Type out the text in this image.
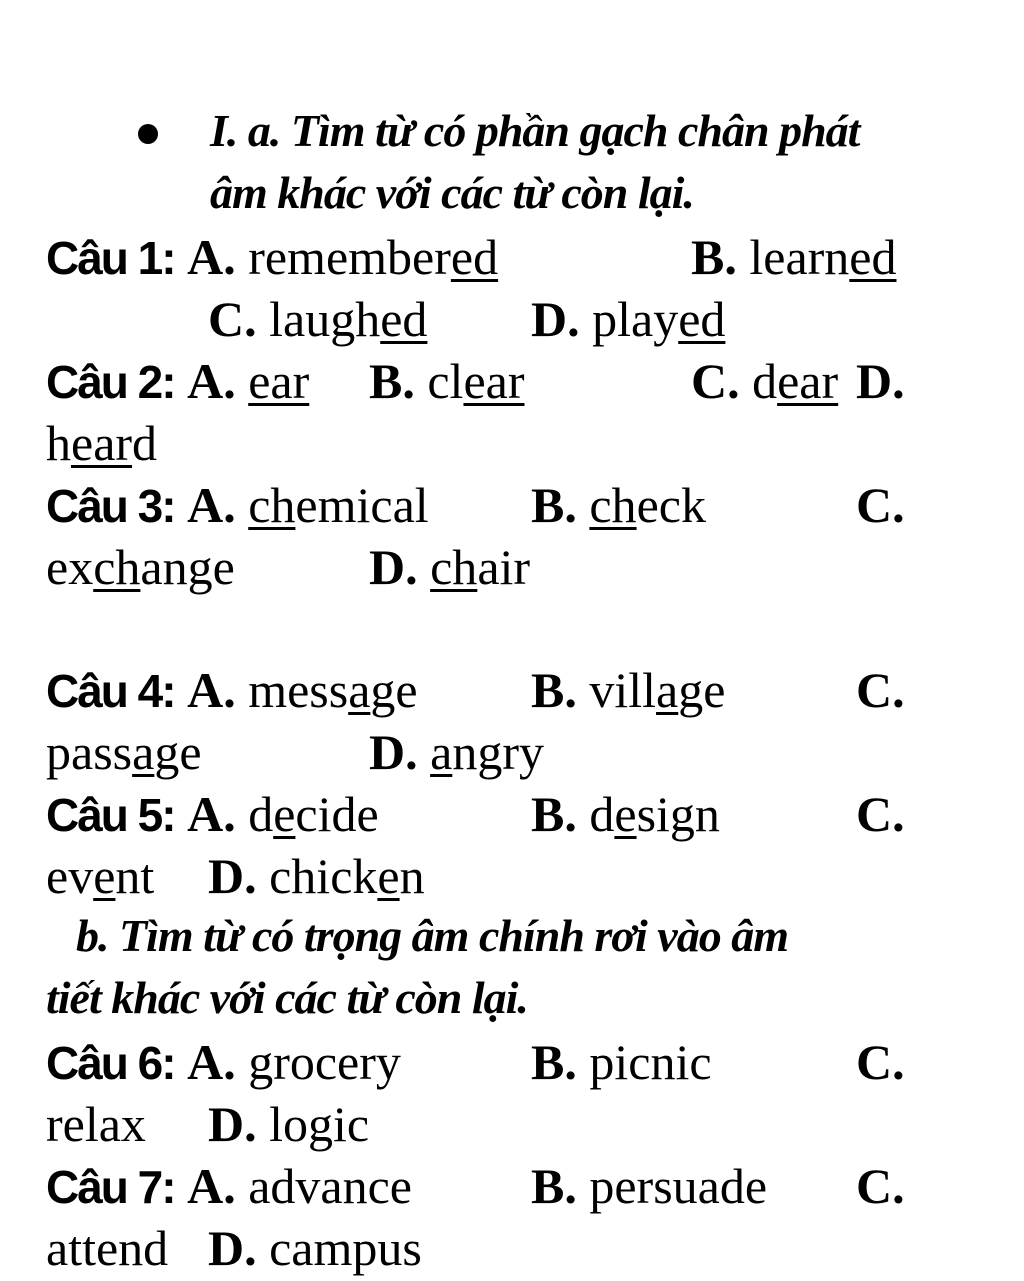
I. a. Tìm từ có phần gạch chân phát
âm khác với các từ còn lại.
Câu 1: A. remembered	B. learned
C. laughed D. played
Câu 2: A. ear B. clear	C. dear D.
heard
Câu 3: A. chemical B. check	C.
exchange	D. chair
Câu 4: A. message B. village	C.
passage	D. angry
Câu 5: A. decide	B. design	C.
event D. chicken
b. Tìm từ có trọng âm chính rơi vào âm
tiết khác với các từ còn lại.
Câu 6: A. grocery	B. picnic	C.
relax D. logic
Câu 7: A. advance B. persuade C.
attend D. campus
